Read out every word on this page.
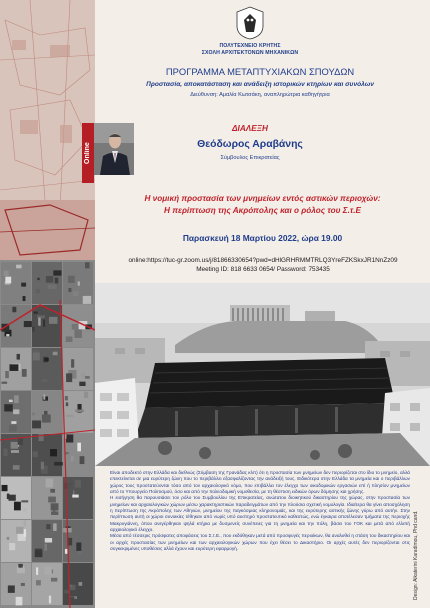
ΠΟΛΥΤΕΧΝΕΙΟ ΚΡΗΤΗΣ
ΣΧΟΛΗ ΑΡΧΙΤΕΚΤΟΝΩΝ ΜΗΧΑΝΙΚΩΝ
ΠΡΟΓΡΑΜΜΑ ΜΕΤΑΠΤΥΧΙΑΚΩΝ ΣΠΟΥΔΩΝ
Προστασία, αποκατάσταση και ανάδειξη ιστορικών κτηρίων και συνόλων
Διεύθυνση: Αμαλία Κωτσάκη, αναπληρώτρια καθηγήτρια
Online
ΔΙΑΛΕΞΗ
Θεόδωρος Αραβάνης
Σύμβουλος Επικρατείας
Η νομική προστασία των μνημείων εντός αστικών περιοχών:
Η περίπτωση της Ακρόπολης και ο ρόλος του Σ.τ.Ε
Παρασκευή 18 Μαρτίου 2022, ώρα 19.00
online:https://tuc-gr.zoom.us/j/81866330654?pwd=dHlGRHRMMTRLQ3YreFZKSkxJR1NnZz09
Meeting ID: 818 6633 0654/ Password: 753435
Design: Alkaterini Karadimou, Phd cand.

Είναι αποδεκτό στην Ελλάδα και διεθνώς (Σύμβαση της Γρανάδας κλπ) ότι η προστασία των μνημείων δεν περιορίζεται στο ίδιο το μνημείο, αλλά επεκτείνεται σε μια ευρύτερη ζώνη που το περιβάλλει εξασφαλίζοντας την ανάδειξή τους. Ειδικότερα στην Ελλάδα τα μνημεία και ο περιβάλλων χώρος τους προστατεύονται τόσο από τον αρχαιολογικό νόμο, που επιβάλλει τον έλεγχο των οικοδομικών εργασιών επί ή πλησίον μνημείων από το Υπουργείο Πολιτισμού, όσο και από την πολεοδομική νομοθεσία, με τη θέσπιση ειδικών όρων δόμησης και χρήσης.

Η εισήγηση θα παρουσιάσει τον ρόλο του Συμβουλίου της Επικρατείας, ανώτατου διοικητικού δικαστηρίου της χώρας, στην προστασία των μνημείων και αρχαιολογικών χώρων μέσω χαρακτηριστικών παραδειγμάτων από την πλούσια σχετική νομολογία. Ιδιαίτερα θα γίνει αποσχόληση η περίπτωση της Ακρόπολης των Αθηνών, μνημείου της παγκόσμιας κληρονομιάς, και της ευρύτερης αστικής ζώνης γύρω από αυτήν. Στην περίπτωση αυτή οι χώροι συνοικίες τέθηκαν από νωρίς υπό αυστηρό προστατευτικό καθεστώς, ενώ έγκαιρα αποτέλεσαν τμήματα της περιοχής Μακρυγιάννη, όπου ανεγέρθηκαν ψηλά κτήρια με δυσμενείς συνέπειες για τη μνημεία και την πόλη, βάσει του ΓΟΚ και μετά από ελλιπή αρχαιολογικό έλεγχο.

Μέσα από τέσσερις πρόσφατες αποφάσεις του Σ.τ.Ε., που εκδόθηκαν μετά από προσφυγές περιοίκων, θα αναλυθεί η στάση του δικαστηρίου και οι αρχές προστασίας των μνημείων και των αρχαιολογικών χώρων που έχει θέσει το Δικαστήριο. Οι αρχές αυτές δεν περιορίζονται στις συγκεκριμένες υποθέσεις αλλά έχουν και ευρύτερη εφαρμογή.
